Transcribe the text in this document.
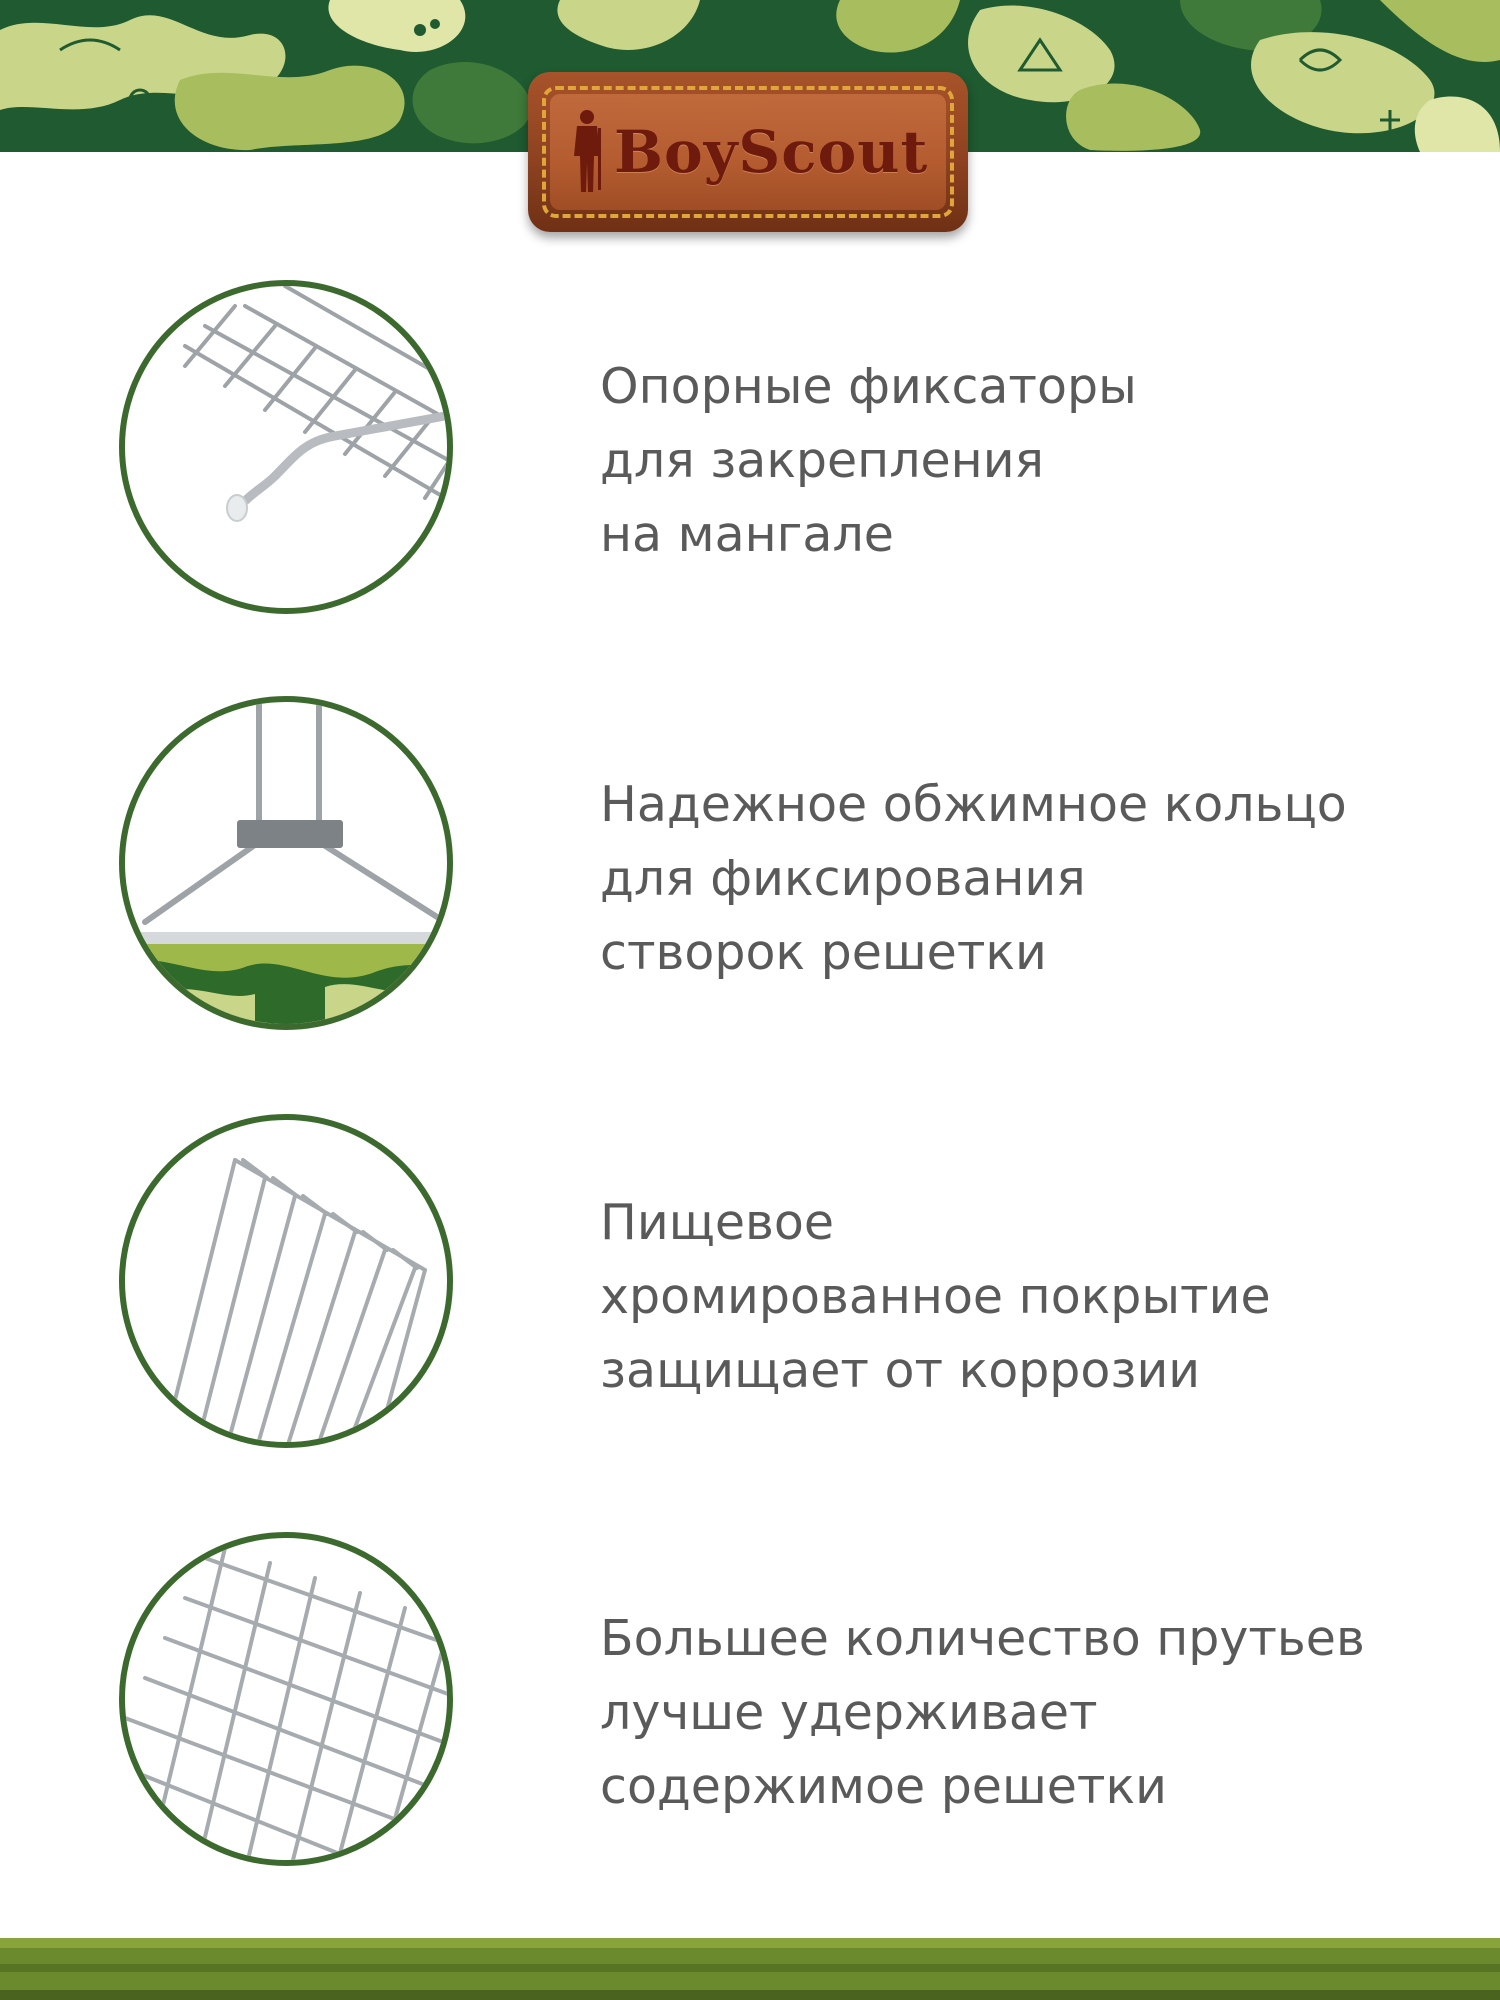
BoyScout
Опорные фиксаторы
для закрепления
на мангале
Надежное обжимное кольцо
для фиксирования
створок решетки
Пищевое
хромированное покрытие
защищает от коррозии
Большее количество прутьев
лучше удерживает
содержимое решетки
